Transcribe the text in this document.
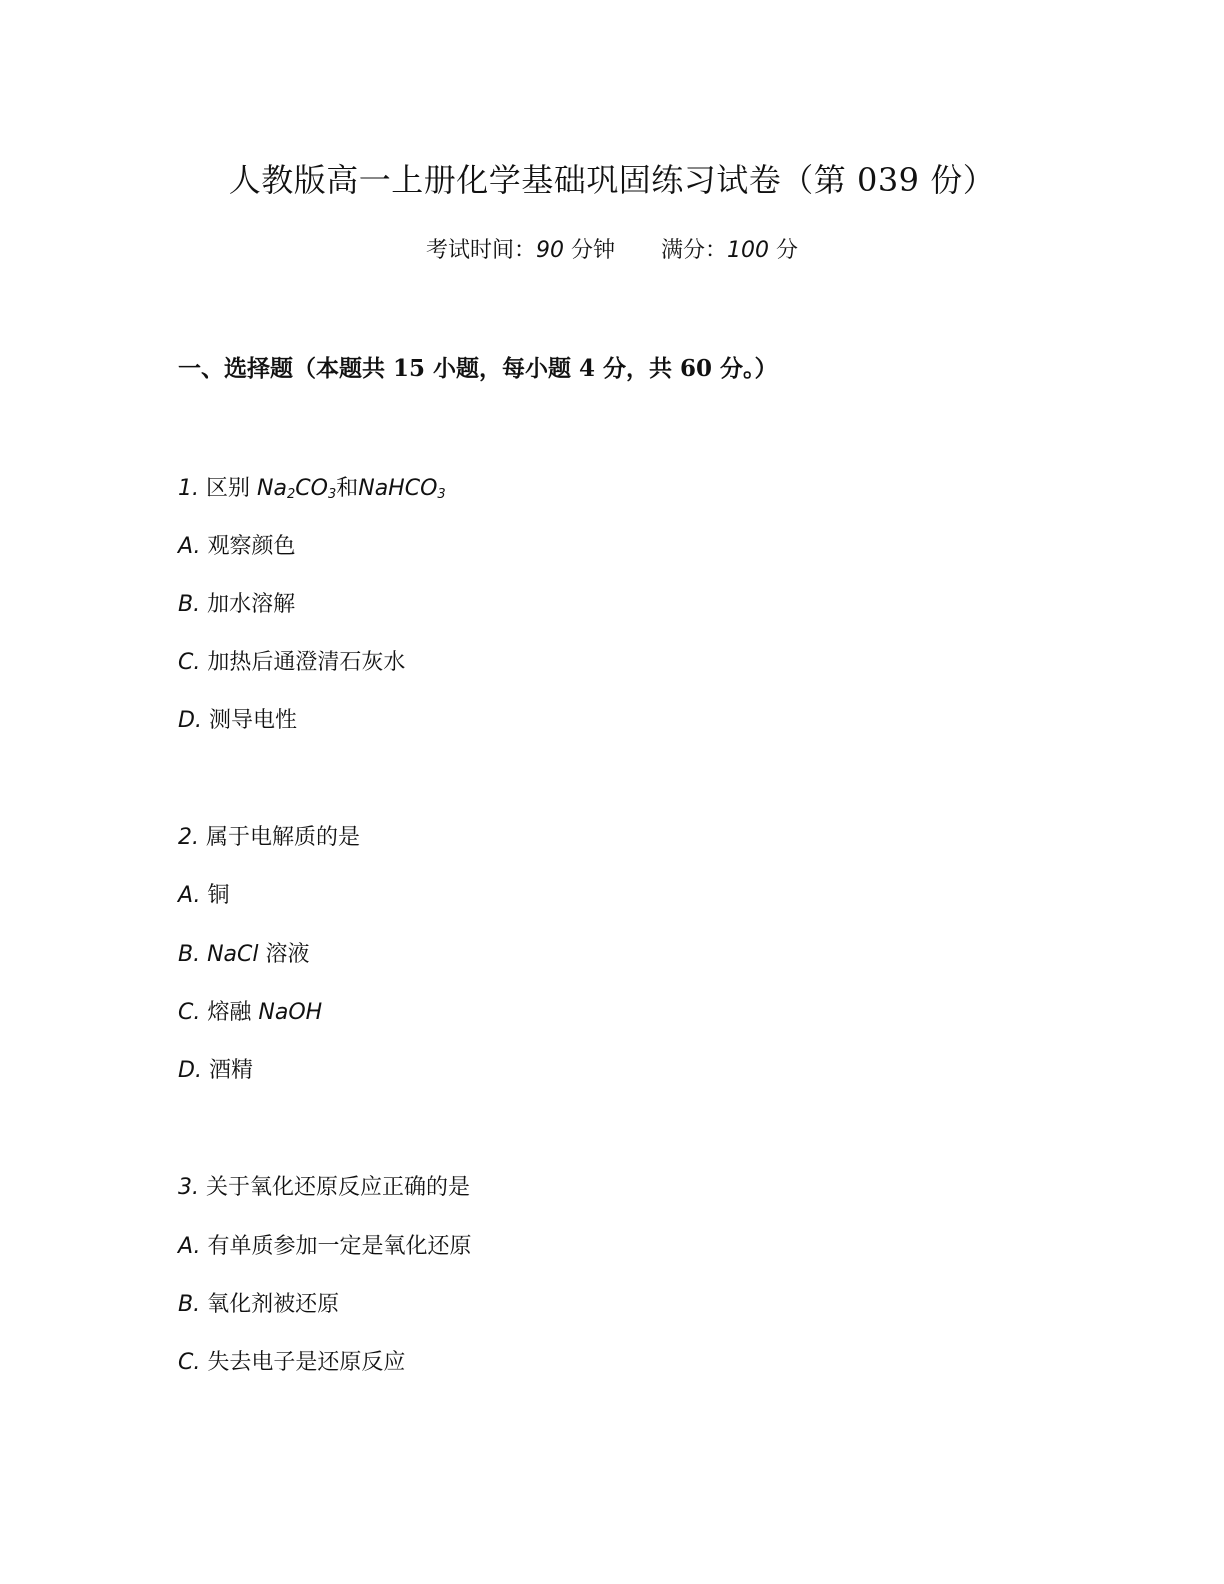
人教版高一上册化学基础巩固练习试卷（第 039 份）
考试时间：90 分钟 满分：100 分
一、选择题（本题共 15 小题，每小题 4 分，共 60 分。）
1. 区别 $Na_2CO_3$和NaHCO$_3$
A. 观察颜色
B. 加水溶解
C. 加热后通澄清石灰水
D. 测导电性
2. 属于电解质的是
A. 铜
B. NaCl 溶液
C. 熔融 NaOH
D. 酒精
3. 关于氧化还原反应正确的是
A. 有单质参加一定是氧化还原
B. 氧化剂被还原
C. 失去电子是还原反应
